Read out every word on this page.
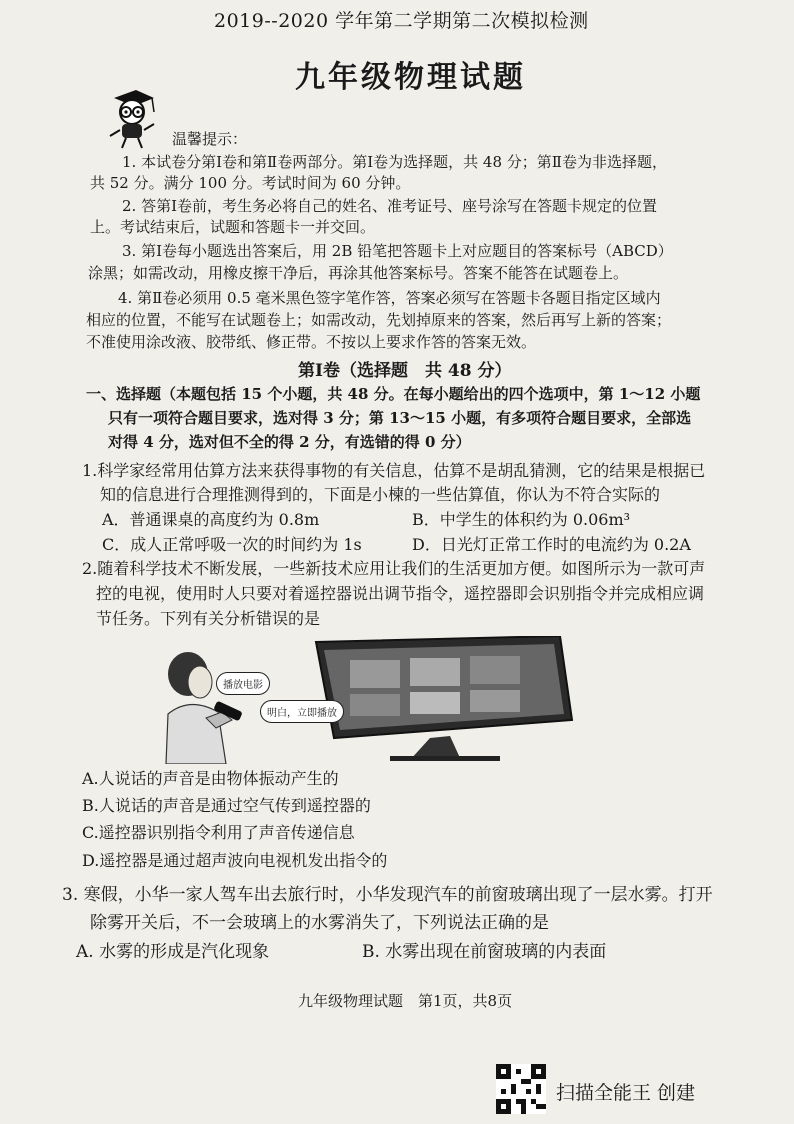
2019--2020 学年第二学期第二次模拟检测
九年级物理试题
温馨提示：
1. 本试卷分第Ⅰ卷和第Ⅱ卷两部分。第Ⅰ卷为选择题，共 48 分；第Ⅱ卷为非选择题，
共 52 分。满分 100 分。考试时间为 60 分钟。
2. 答第Ⅰ卷前，考生务必将自己的姓名、准考证号、座号涂写在答题卡规定的位置
上。考试结束后，试题和答题卡一并交回。
3. 第Ⅰ卷每小题选出答案后，用 2B 铅笔把答题卡上对应题目的答案标号（ABCD）
涂黑；如需改动，用橡皮擦干净后，再涂其他答案标号。答案不能答在试题卷上。
4. 第Ⅱ卷必须用 0.5 毫米黑色签字笔作答，答案必须写在答题卡各题目指定区域内
相应的位置，不能写在试题卷上；如需改动，先划掉原来的答案，然后再写上新的答案；
不准使用涂改液、胶带纸、修正带。不按以上要求作答的答案无效。
第Ⅰ卷（选择题　共 48 分）
一、选择题（本题包括 15 个小题，共 48 分。在每小题给出的四个选项中，第 1～12 小题
只有一项符合题目要求，选对得 3 分；第 13～15 小题，有多项符合题目要求，全部选
对得 4 分，选对但不全的得 2 分，有选错的得 0 分）
1.科学家经常用估算方法来获得事物的有关信息，估算不是胡乱猜测，它的结果是根据已
知的信息进行合理推测得到的，下面是小楝的一些估算值，你认为不符合实际的
A．普通课桌的高度约为 0.8m	B．中学生的体积约为 0.06m³
C．成人正常呼吸一次的时间约为 1s	D．日光灯正常工作时的电流约为 0.2A
2.随着科学技术不断发展，一些新技术应用让我们的生活更加方便。如图所示为一款可声
控的电视，使用时人只要对着遥控器说出调节指令，遥控器即会识别指令并完成相应调
节任务。下列有关分析错误的是
播放电影
明白，立即播放
A.人说话的声音是由物体振动产生的
B.人说话的声音是通过空气传到遥控器的
C.遥控器识别指令利用了声音传递信息
D.遥控器是通过超声波向电视机发出指令的
3. 寒假，小华一家人驾车出去旅行时，小华发现汽车的前窗玻璃出现了一层水雾。打开
除雾开关后，不一会玻璃上的水雾消失了，下列说法正确的是
A. 水雾的形成是汽化现象	B. 水雾出现在前窗玻璃的内表面
九年级物理试题　第1页，共8页
扫描全能王 创建
